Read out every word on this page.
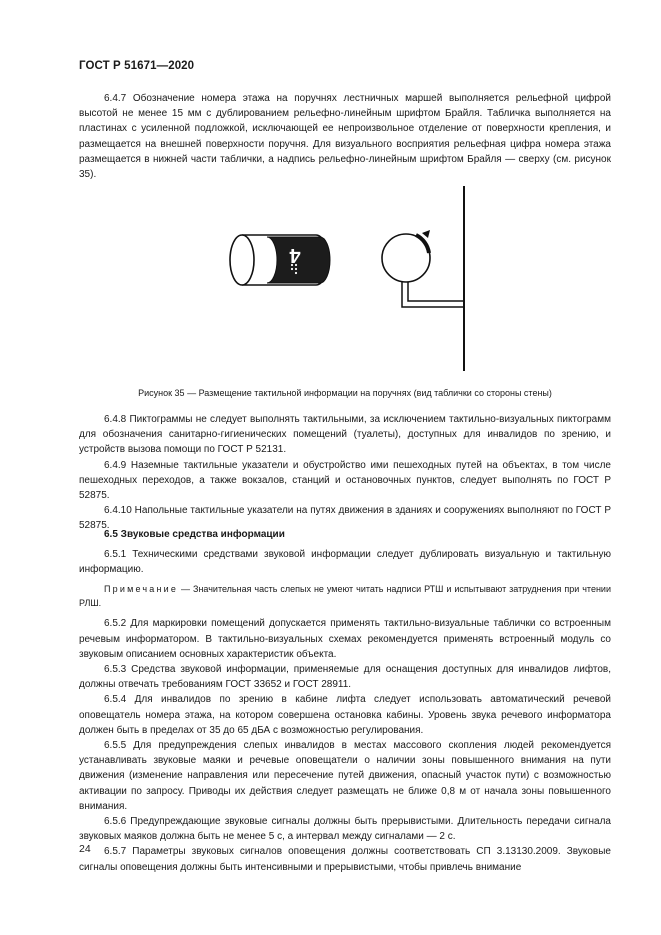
ГОСТ Р 51671—2020

6.4.7 Обозначение номера этажа на поручнях лестничных маршей выполняется рельефной цифрой высотой не менее 15 мм с дублированием рельефно-линейным шрифтом Брайля. Табличка выполняется на пластинах с усиленной подложкой, исключающей ее непроизвольное отделение от поверхности крепления, и размещается на внешней поверхности поручня. Для визуального восприятия рельефная цифра номера этажа размещается в нижней части таблички, а надпись рельефно-линейным шрифтом Брайля — сверху (см. рисунок 35).

4
Рисунок 35 — Размещение тактильной информации на поручнях (вид таблички со стороны стены)

6.4.8 Пиктограммы не следует выполнять тактильными, за исключением тактильно-визуальных пиктограмм для обозначения санитарно-гигиенических помещений (туалеты), доступных для инвалидов по зрению, и устройств вызова помощи по ГОСТ Р 52131.

6.4.9 Наземные тактильные указатели и обустройство ими пешеходных путей на объектах, в том числе пешеходных переходов, а также вокзалов, станций и остановочных пунктов, следует выполнять по ГОСТ Р 52875.

6.4.10 Напольные тактильные указатели на путях движения в зданиях и сооружениях выполняют по ГОСТ Р 52875.

6.5 Звуковые средства информации

6.5.1 Техническими средствами звуковой информации следует дублировать визуальную и тактильную информацию.

Примечание — Значительная часть слепых не умеют читать надписи РТШ и испытывают затруднения при чтении РЛШ.

6.5.2 Для маркировки помещений допускается применять тактильно-визуальные таблички со встроенным речевым информатором. В тактильно-визуальных схемах рекомендуется применять встроенный модуль со звуковым описанием основных характеристик объекта.

6.5.3 Средства звуковой информации, применяемые для оснащения доступных для инвалидов лифтов, должны отвечать требованиям ГОСТ 33652 и ГОСТ 28911.

6.5.4 Для инвалидов по зрению в кабине лифта следует использовать автоматический речевой оповещатель номера этажа, на котором совершена остановка кабины. Уровень звука речевого информатора должен быть в пределах от 35 до 65 дБА с возможностью регулирования.

6.5.5 Для предупреждения слепых инвалидов в местах массового скопления людей рекомендуется устанавливать звуковые маяки и речевые оповещатели о наличии зоны повышенного внимания на пути движения (изменение направления или пересечение путей движения, опасный участок пути) с возможностью активации по запросу. Приводы их действия следует размещать не ближе 0,8 м от начала зоны повышенного внимания.

6.5.6 Предупреждающие звуковые сигналы должны быть прерывистыми. Длительность передачи сигнала звуковых маяков должна быть не менее 5 с, а интервал между сигналами — 2 с.

6.5.7 Параметры звуковых сигналов оповещения должны соответствовать СП 3.13130.2009. Звуковые сигналы оповещения должны быть интенсивными и прерывистыми, чтобы привлечь внимание

24
